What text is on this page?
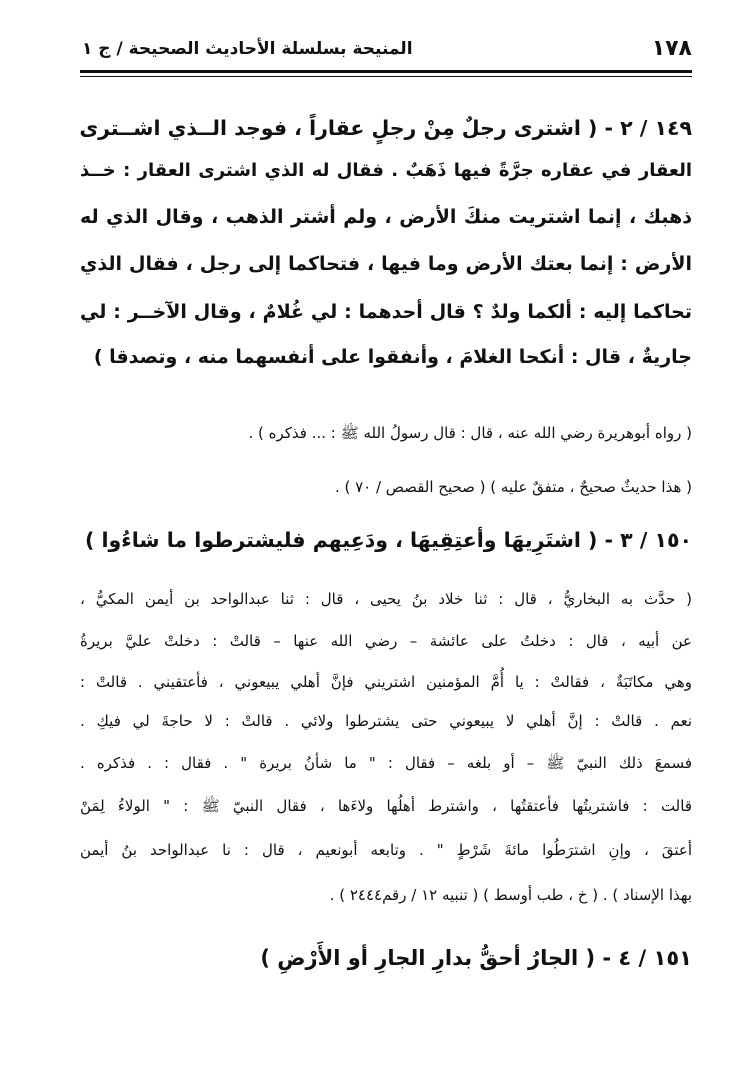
١٧٨
المنيحة بسلسلة الأحاديث الصحيحة / ج ١
١٤٩ / ٢ - ( اشترى رجلٌ مِنْ رجلٍ عقاراً ، فوجد الــذي اشــترى
العقار في عقاره جرَّةً فيها ذَهَبٌ . فقال له الذي اشترى العقار : خــذ
ذهبك ، إنما اشتريت منكَ الأرض ، ولم أشتر الذهب ، وقال الذي له
الأرض : إنما بعتك الأرض وما فيها ، فتحاكما إلى رجل ، فقال الذي
تحاكما إليه : ألكما ولدٌ ؟ قال أحدهما : لي غُلامٌ ، وقال الآخــر : لي
جاريةٌ ، قال : أنكحا الغلامَ ، وأنفقوا على أنفسهما منه ، وتصدقا )
( رواه أبوهريرة رضي الله عنه ، قال : قال رسولُ الله ﷺ : ... فذكره ) .
( هذا حديثٌ صحيحٌ ، متفقٌ عليه ) ( صحيح القصص / ٧٠ ) .
١٥٠ / ٣ - ( اشتَرِيهَا وأعتِقِيهَا ، ودَعِيهم فليشترطوا ما شاءُوا )
( حدَّث به البخاريُّ ، قال : ثنا خلاد بنُ يحيى ، قال : ثنا عبدالواحد بن أيمن المكيُّ ،
عن أبيه ، قال : دخلتُ على عائشة – رضي الله عنها – قالتْ : دخلتْ عليَّ بريرةُ
وهي مكاتَبَةٌ ، فقالتْ : يا أُمَّ المؤمنين اشتريني فإنَّ أهلي يبيعوني ، فأعتقيني . قالتْ :
نعم . قالتْ : إنَّ أهلي لا يبيعوني حتى يشترطوا ولائي . قالتْ : لا حاجةَ لي فيكِ .
فسمعَ ذلك النبيّ ﷺ – أو بلغه – فقال : " ما شأنُ بريرة " . فقال : . فذكره .
قالت : فاشتريتُها فأعتقتُها ، واشترط أهلُها ولاءَها ، فقال النبيّ ﷺ : " الولاءُ لِمَنْ
أعتقَ ، وإنِ اشترَطُوا مائةَ شَرْطٍ " . وتابعه أبونعيم ، قال : نا عبدالواحد بنُ أيمن
بهذا الإسناد ) . ( خ ، طب أوسط ) ( تنبيه ١٢ / رقم٢٤٤٤ ) .
١٥١ / ٤ - ( الجارُ أحقُّ بدارِ الجارِ أو الأَرْضِ )
